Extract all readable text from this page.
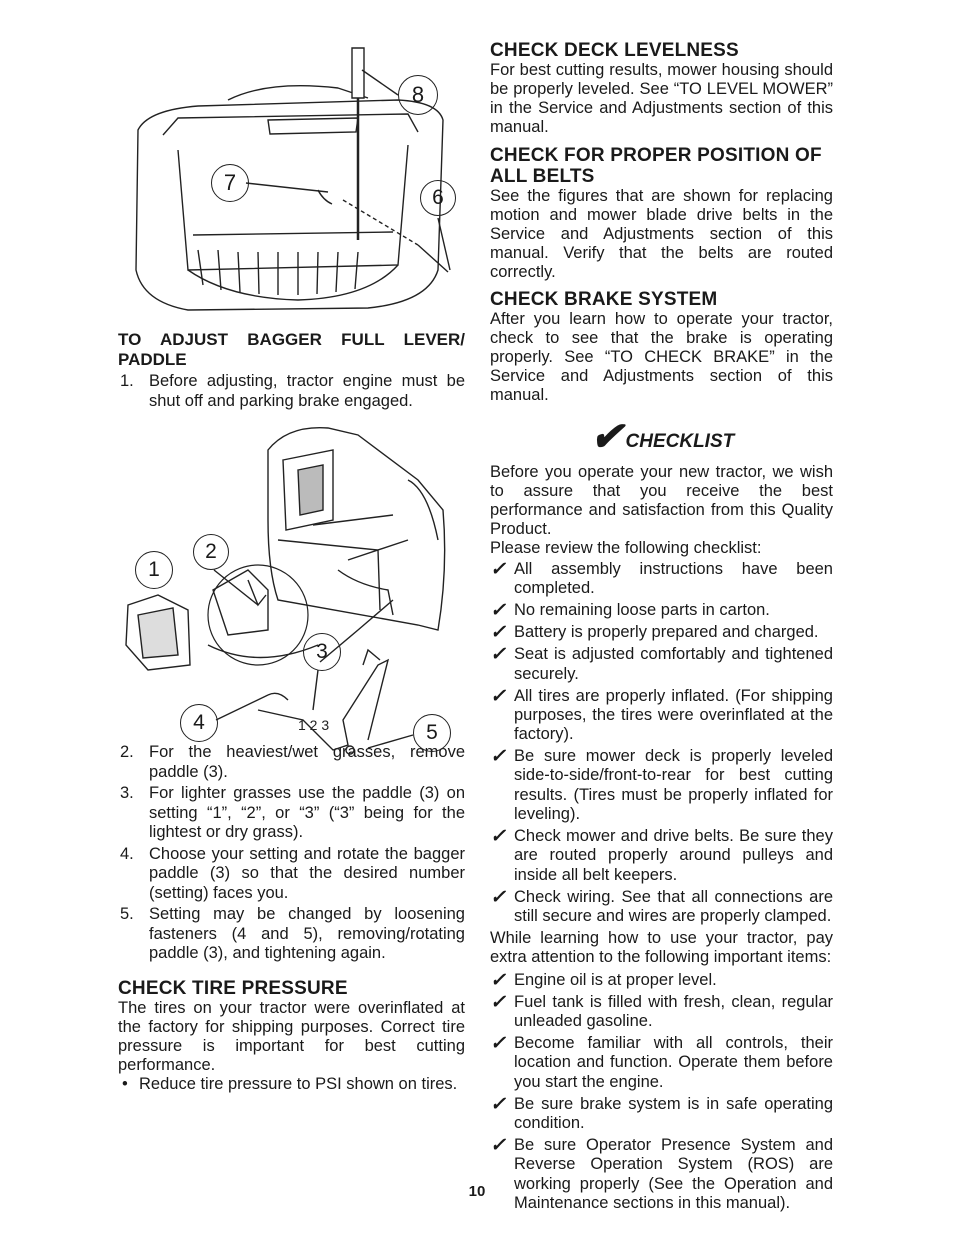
8
7
6
TO ADJUST BAGGER FULL LEVER/ PADDLE
1. Before adjusting, tractor engine must be shut off and parking brake engaged.
2. For the heaviest/wet grasses, remove paddle (3).
3. For lighter grasses use the paddle (3) on setting “1”, “2”, or “3” (“3” being for the lightest or dry grass).
4. Choose your setting and rotate the bagger paddle (3) so that the desired number (setting) faces you.
5. Setting may be changed by loosening fasteners (4 and 5), removing/rotating paddle (3), and tightening again.
CHECK TIRE PRESSURE

The tires on your tractor were overinflated at the factory for shipping purposes. Correct tire pressure is important for best cutting performance.

• Reduce tire pressure to PSI shown on tires.
1 2 3
1
2
3
4	5
CHECK DECK LEVELNESS

For best cutting results, mower housing should be properly leveled. See “TO LEVEL MOWER” in the Service and Adjustments section of this manual.

CHECK FOR PROPER POSITION OF ALL BELTS

See the figures that are shown for replacing motion and mower blade drive belts in the Service and Adjustments section of this manual. Verify that the belts are routed correctly.

CHECK BRAKE SYSTEM

After you learn how to operate your tractor, check to see that the brake is operating properly. See “TO CHECK BRAKE” in the Service and Adjustments section of this manual.

✔ CHECKLIST

Before you operate your new tractor, we wish to assure that you receive the best performance and satisfaction from this Quality Product.

Please review the following checklist:

✓ All assembly instructions have been completed.
✓ No remaining loose parts in carton.
✓ Battery is properly prepared and charged.
✓ Seat is adjusted comfortably and tightened securely.
✓ All tires are properly inflated. (For shipping purposes, the tires were overinflated at the factory).
✓ Be sure mower deck is properly leveled side-to-side/front-to-rear for best cutting results. (Tires must be properly inflated for leveling).
✓ Check mower and drive belts. Be sure they are routed properly around pulleys and inside all belt keepers.
✓ Check wiring. See that all connections are still secure and wires are properly clamped.

While learning how to use your tractor, pay extra attention to the following important items:

✓ Engine oil is at proper level.
✓ Fuel tank is filled with fresh, clean, regular unleaded gasoline.
✓ Become familiar with all controls, their location and function. Operate them before you start the engine.
✓ Be sure brake system is in safe operating condition.
✓ Be sure Operator Presence System and Reverse Operation System (ROS) are working properly (See the Operation and Maintenance sections in this manual).
10
